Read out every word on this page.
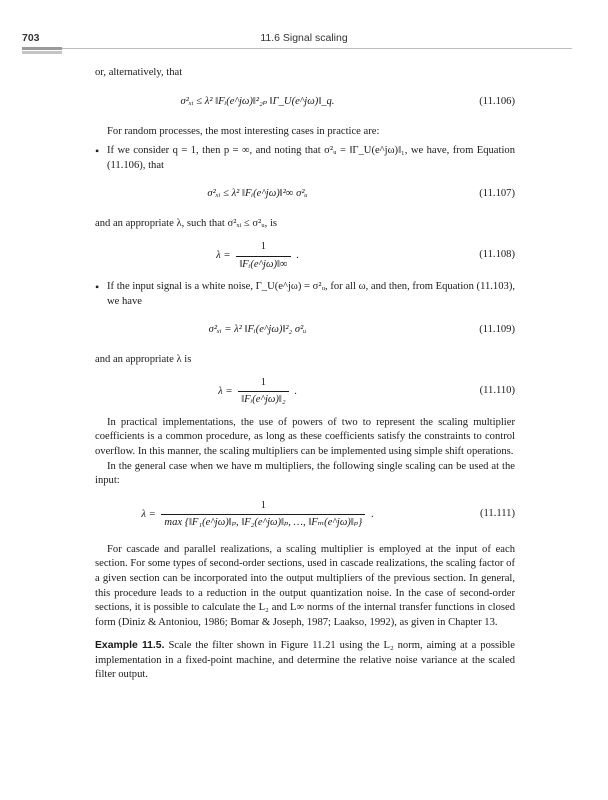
703	11.6 Signal scaling

or, alternatively, that

σ²ₓᵢ ≤ λ² ‖Fᵢ(e^jω)‖²₂ₚ ‖Γ_U(e^jω)‖_q.	(11.106)

For random processes, the most interesting cases in practice are:

• If we consider q = 1, then p = ∞, and noting that σ²ᵤ = ‖Γ_U(e^jω)‖₁, we have, from Equation (11.106), that
σ²ₓᵢ ≤ λ² ‖Fᵢ(e^jω)‖²∞ σ²ᵤ	(11.107)

and an appropriate λ, such that σ²ₓᵢ ≤ σ²ᵤ, is

$\lambda = \frac{1}{\text{‖Fᵢ(e\textasciicircum{}jω)‖∞}}$ .	(11.108)
• If the input signal is a white noise, Γ_U(e^jω) = σ²ᵤ, for all ω, and then, from Equation (11.103), we have
σ²ₓᵢ = λ² ‖Fᵢ(e^jω)‖²₂ σ²ᵤ	(11.109)

and an appropriate λ is

$\lambda = \frac{1}{\text{‖Fᵢ(e\textasciicircum{}jω)‖₂}}$ .	(11.110)

In practical implementations, the use of powers of two to represent the scaling multiplier coefficients is a common procedure, as long as these coefficients satisfy the constraints to control overflow. In this manner, the scaling multipliers can be implemented using simple shift operations.

In the general case when we have m multipliers, the following single scaling can be used at the input:

$\lambda = \frac{1}{\text{max \{‖F₁(e\textasciicircum{}jω)‖ₚ, ‖F₂(e\textasciicircum{}jω)‖ₚ, …, ‖Fₘ(e\textasciicircum{}jω)‖ₚ\}}}$ .	(11.111)

For cascade and parallel realizations, a scaling multiplier is employed at the input of each section. For some types of second-order sections, used in cascade realizations, the scaling factor of a given section can be incorporated into the output multipliers of the previous section. In general, this procedure leads to a reduction in the output quantization noise. In the case of second-order sections, it is possible to calculate the L₂ and L∞ norms of the internal transfer functions in closed form (Diniz & Antoniou, 1986; Bomar & Joseph, 1987; Laakso, 1992), as given in Chapter 13.

Example 11.5. Scale the filter shown in Figure 11.21 using the L₂ norm, aiming at a possible implementation in a fixed-point machine, and determine the relative noise variance at the scaled filter output.
